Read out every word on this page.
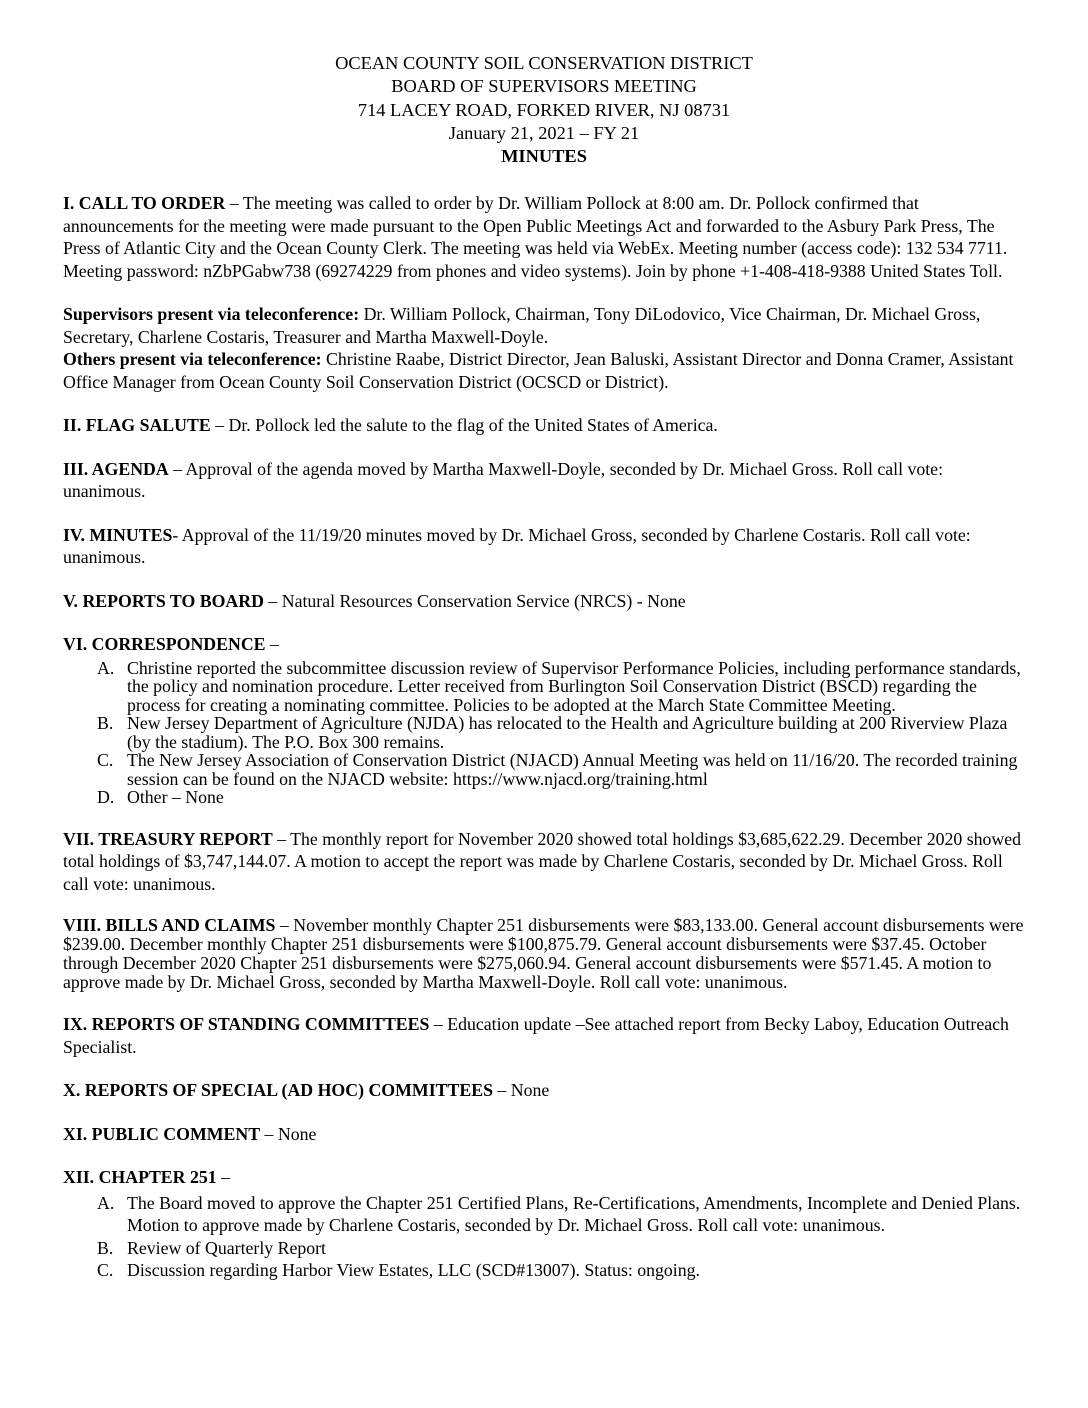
OCEAN COUNTY SOIL CONSERVATION DISTRICT
BOARD OF SUPERVISORS MEETING
714 LACEY ROAD, FORKED RIVER, NJ 08731
January 21, 2021 – FY 21
MINUTES
I. CALL TO ORDER – The meeting was called to order by Dr. William Pollock at 8:00 am. Dr. Pollock confirmed that announcements for the meeting were made pursuant to the Open Public Meetings Act and forwarded to the Asbury Park Press, The Press of Atlantic City and the Ocean County Clerk. The meeting was held via WebEx. Meeting number (access code): 132 534 7711. Meeting password: nZbPGabw738 (69274229 from phones and video systems). Join by phone +1-408-418-9388 United States Toll.
Supervisors present via teleconference: Dr. William Pollock, Chairman, Tony DiLodovico, Vice Chairman, Dr. Michael Gross, Secretary, Charlene Costaris, Treasurer and Martha Maxwell-Doyle.
Others present via teleconference: Christine Raabe, District Director, Jean Baluski, Assistant Director and Donna Cramer, Assistant Office Manager from Ocean County Soil Conservation District (OCSCD or District).
II. FLAG SALUTE – Dr. Pollock led the salute to the flag of the United States of America.
III. AGENDA – Approval of the agenda moved by Martha Maxwell-Doyle, seconded by Dr. Michael Gross. Roll call vote: unanimous.
IV. MINUTES- Approval of the 11/19/20 minutes moved by Dr. Michael Gross, seconded by Charlene Costaris. Roll call vote: unanimous.
V. REPORTS TO BOARD – Natural Resources Conservation Service (NRCS) - None
VI. CORRESPONDENCE –
A. Christine reported the subcommittee discussion review of Supervisor Performance Policies, including performance standards, the policy and nomination procedure. Letter received from Burlington Soil Conservation District (BSCD) regarding the process for creating a nominating committee. Policies to be adopted at the March State Committee Meeting.
B. New Jersey Department of Agriculture (NJDA) has relocated to the Health and Agriculture building at 200 Riverview Plaza (by the stadium). The P.O. Box 300 remains.
C. The New Jersey Association of Conservation District (NJACD) Annual Meeting was held on 11/16/20. The recorded training session can be found on the NJACD website: https://www.njacd.org/training.html
D. Other – None
VII. TREASURY REPORT – The monthly report for November 2020 showed total holdings $3,685,622.29. December 2020 showed total holdings of $3,747,144.07. A motion to accept the report was made by Charlene Costaris, seconded by Dr. Michael Gross. Roll call vote: unanimous.
VIII. BILLS AND CLAIMS – November monthly Chapter 251 disbursements were $83,133.00. General account disbursements were $239.00. December monthly Chapter 251 disbursements were $100,875.79. General account disbursements were $37.45. October through December 2020 Chapter 251 disbursements were $275,060.94. General account disbursements were $571.45. A motion to approve made by Dr. Michael Gross, seconded by Martha Maxwell-Doyle. Roll call vote: unanimous.
IX. REPORTS OF STANDING COMMITTEES – Education update –See attached report from Becky Laboy, Education Outreach Specialist.
X. REPORTS OF SPECIAL (AD HOC) COMMITTEES – None
XI. PUBLIC COMMENT – None
XII. CHAPTER 251 –
A. The Board moved to approve the Chapter 251 Certified Plans, Re-Certifications, Amendments, Incomplete and Denied Plans. Motion to approve made by Charlene Costaris, seconded by Dr. Michael Gross. Roll call vote: unanimous.
B. Review of Quarterly Report
C. Discussion regarding Harbor View Estates, LLC (SCD#13007). Status: ongoing.
